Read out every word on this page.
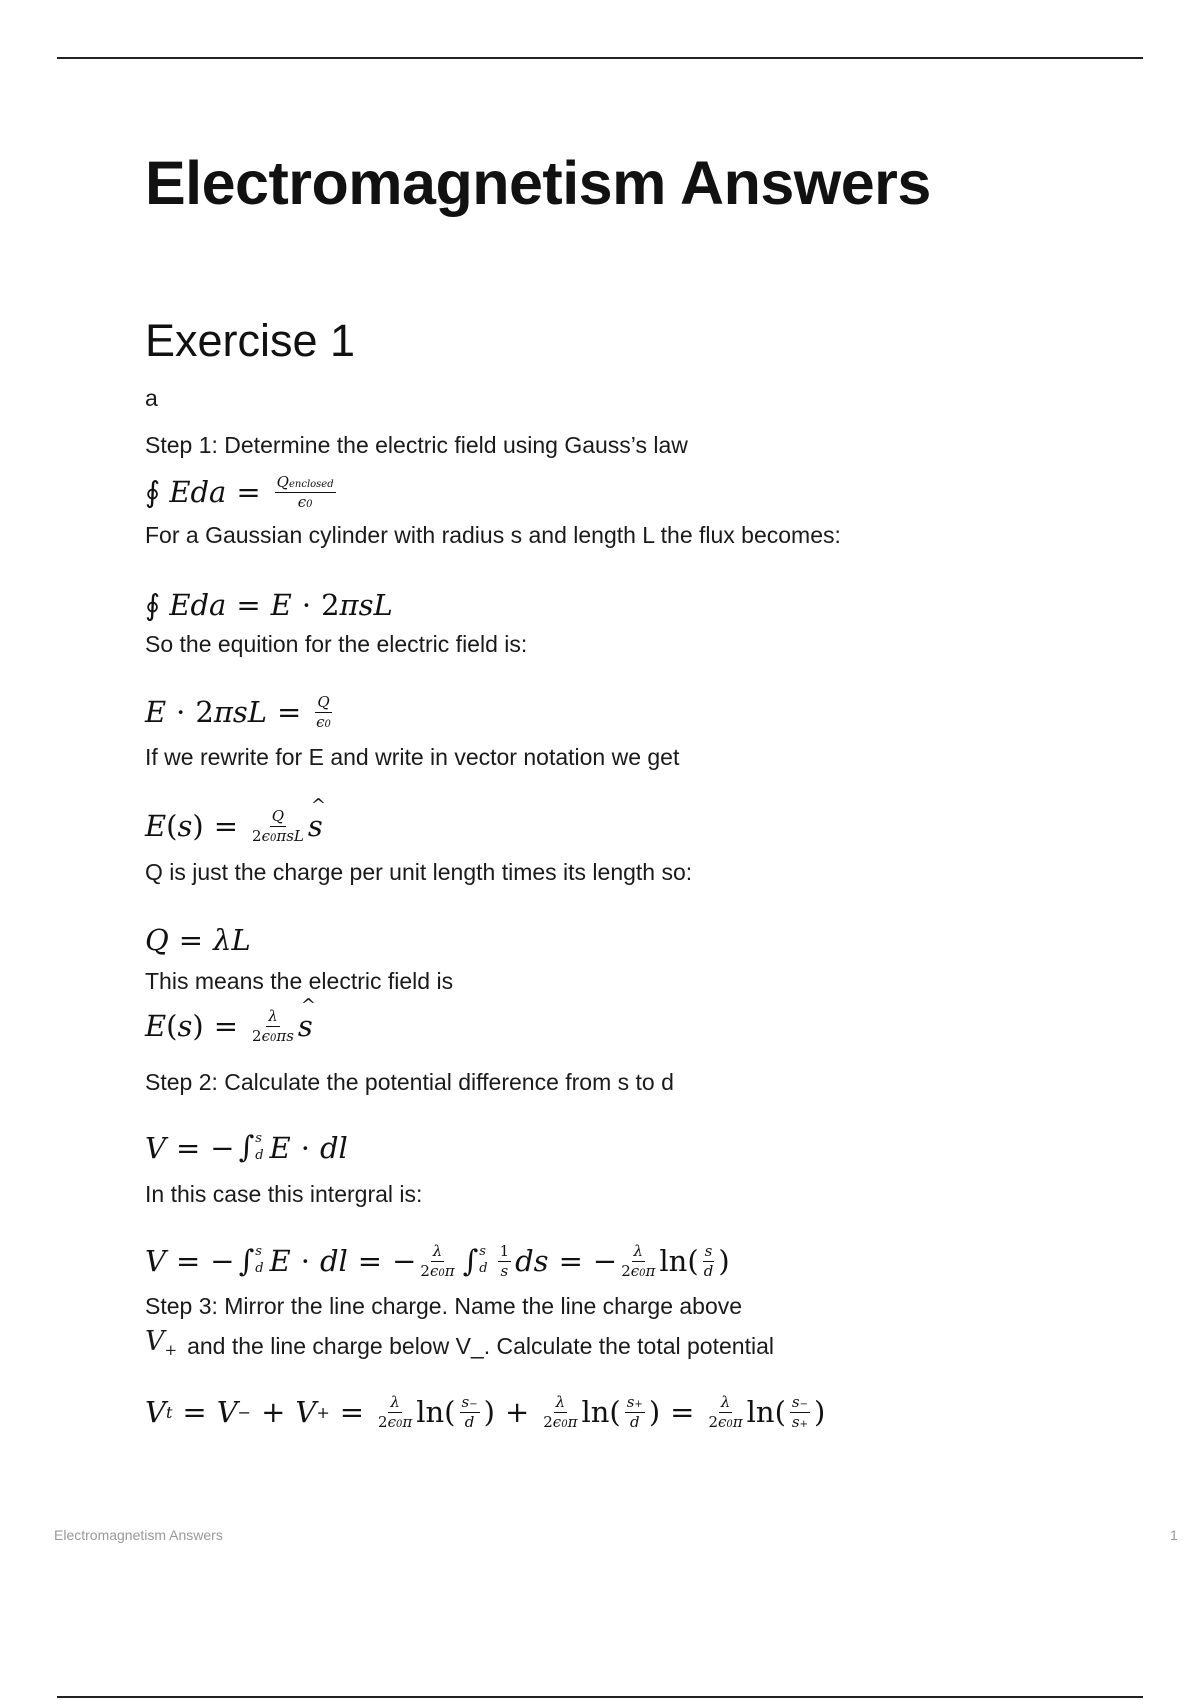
Electromagnetism Answers
Exercise 1
a
Step 1: Determine the electric field using Gauss’s law
∮ Eda = $\frac{\text{Qenclosed}}{\epsilon 0}$
For a Gaussian cylinder with radius s and length L the flux becomes:
∮ Eda = E · 2 πsL
So the equition for the electric field is:
E · 2 $\pi sL = \frac{Q}{\epsilon 0}$
If we rewrite for E and write in vector notation we get
E ( s ) = $\frac{Q}{\text{2ϵ0πsL}}$ ^ s
Q is just the charge per unit length times its length so:
Q = λL
This means the electric field is
E ( s ) = $\frac{\lambda}{2\epsilon 0\pi s}$ ^ s
Step 2: Calculate the potential difference from s to d
V = − ∫ s
d E · dl
In this case this intergral is:
V = − ∫ s
d E · dl = − $\frac{\lambda}{2\epsilon 0\pi}$ ∫ s
d $\frac{1}{s}$ ds = − $\frac{\lambda}{2\epsilon 0\pi} \ln( \frac{s}{d}$ )
Step 3: Mirror the line charge. Name the line charge above
V+ and the line charge below V_. Calculate the total potential
V t = V − + V + = $\frac{\lambda}{2\epsilon 0\pi} \ln( \frac{s-}{d}$ ) + $\frac{\lambda}{2\epsilon 0\pi} \ln( \frac{s+}{d}$ ) = $\frac{\lambda}{2\epsilon 0\pi} \ln( \frac{s-}{s+}$ )
Electromagnetism Answers	1
